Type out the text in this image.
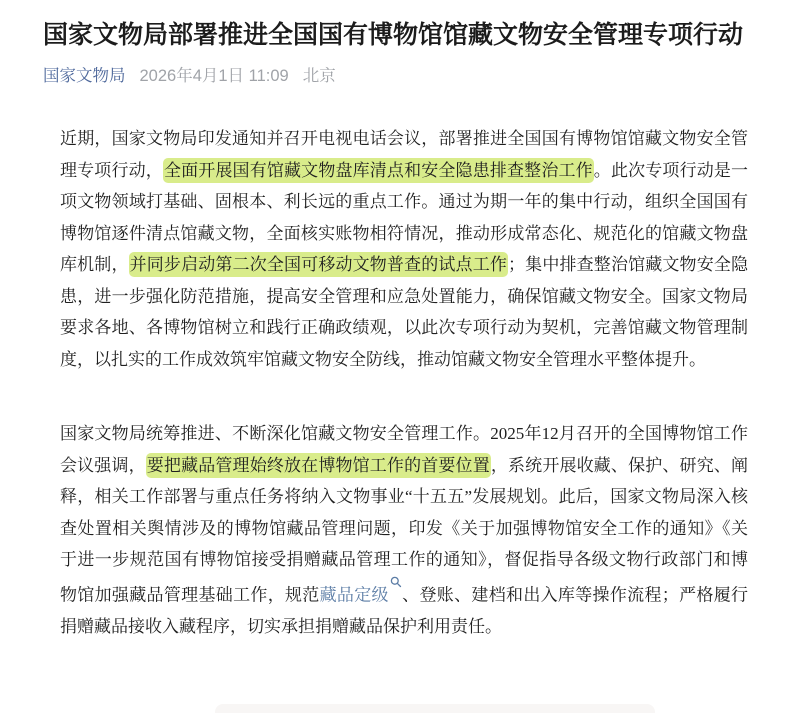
国家文物局部署推进全国国有博物馆馆藏文物安全管理专项行动
国家文物局 2026年4月1日 11:09 北京

近期，国家文物局印发通知并召开电视电话会议，部署推进全国国有博物馆馆藏文物安全管理专项行动，全面开展国有馆藏文物盘库清点和安全隐患排查整治工作。此次专项行动是一项文物领域打基础、固根本、利长远的重点工作。通过为期一年的集中行动，组织全国国有博物馆逐件清点馆藏文物，全面核实账物相符情况，推动形成常态化、规范化的馆藏文物盘库机制，并同步启动第二次全国可移动文物普查的试点工作；集中排查整治馆藏文物安全隐患，进一步强化防范措施，提高安全管理和应急处置能力，确保馆藏文物安全。国家文物局要求各地、各博物馆树立和践行正确政绩观，以此次专项行动为契机，完善馆藏文物管理制度，以扎实的工作成效筑牢馆藏文物安全防线，推动馆藏文物安全管理水平整体提升。

国家文物局统筹推进、不断深化馆藏文物安全管理工作。2025年12月召开的全国博物馆工作会议强调，要把藏品管理始终放在博物馆工作的首要位置，系统开展收藏、保护、研究、阐释，相关工作部署与重点任务将纳入文物事业“十五五”发展规划。此后，国家文物局深入核查处置相关舆情涉及的博物馆藏品管理问题，印发《关于加强博物馆安全工作的通知》《关于进一步规范国有博物馆接受捐赠藏品管理工作的通知》，督促指导各级文物行政部门和博物馆加强藏品管理基础工作，规范藏品定级 、登账、建档和出入库等操作流程；严格履行捐赠藏品接收入藏程序，切实承担捐赠藏品保护利用责任。
